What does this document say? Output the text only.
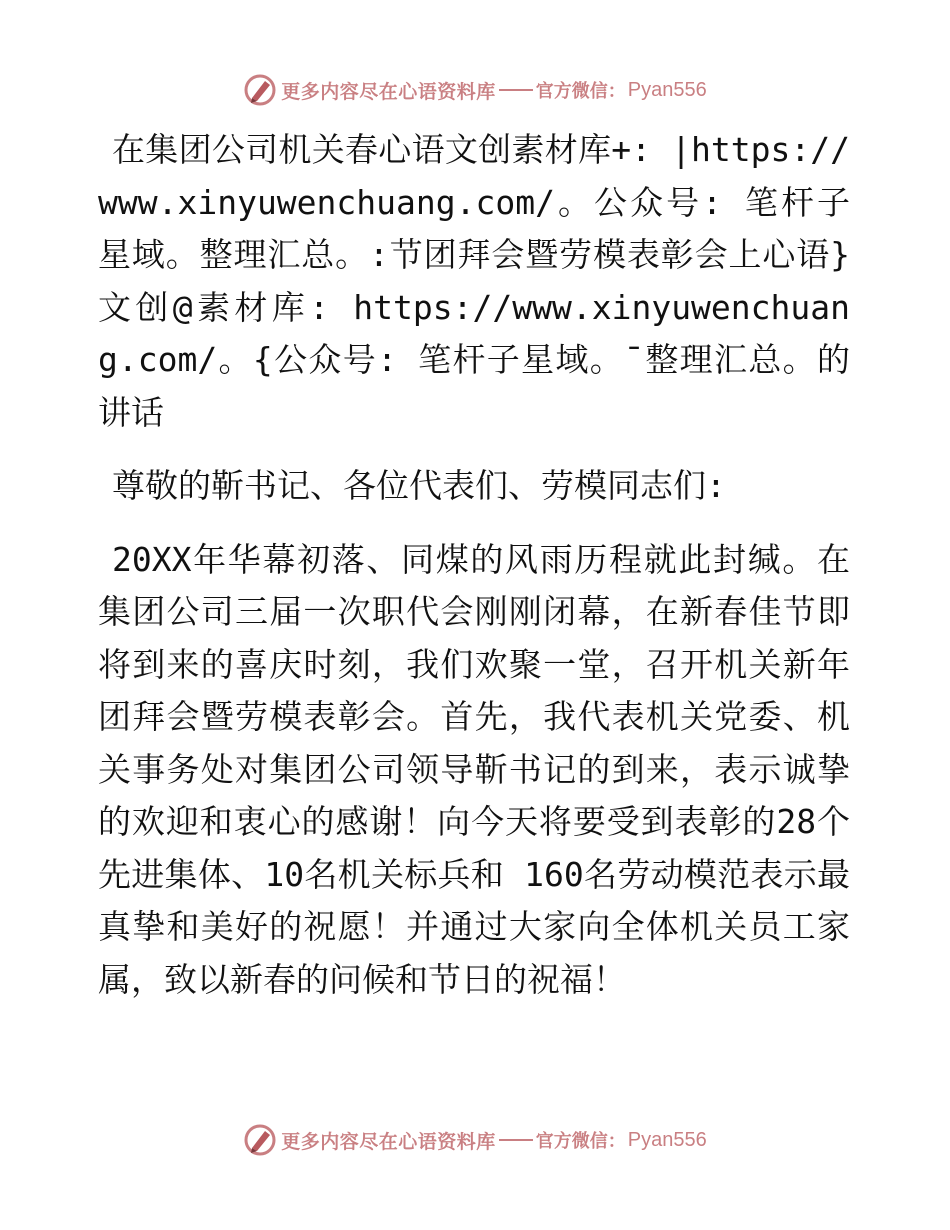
更多内容尽在心语资料库 官方微信： Pyan556

在集团公司机关春心语文创素材库+: |https://www.xinyuwenchuang.com/。公众号: 笔杆子星域。整理汇总。:节团拜会暨劳模表彰会上心语}文创@素材库: https://www.xinyuwenchuang.com/。{公众号: 笔杆子星域。¯整理汇总。的讲话

尊敬的靳书记、各位代表们、劳模同志们:

20XX年华幕初落、同煤的风雨历程就此封缄。在集团公司三届一次职代会刚刚闭幕，在新春佳节即将到来的喜庆时刻，我们欢聚一堂，召开机关新年团拜会暨劳模表彰会。首先，我代表机关党委、机关事务处对集团公司领导靳书记的到来，表示诚挚的欢迎和衷心的感谢！向今天将要受到表彰的28个先进集体、10名机关标兵和 160名劳动模范表示最真挚和美好的祝愿！并通过大家向全体机关员工家属，致以新春的问候和节日的祝福！

更多内容尽在心语资料库 官方微信： Pyan556
